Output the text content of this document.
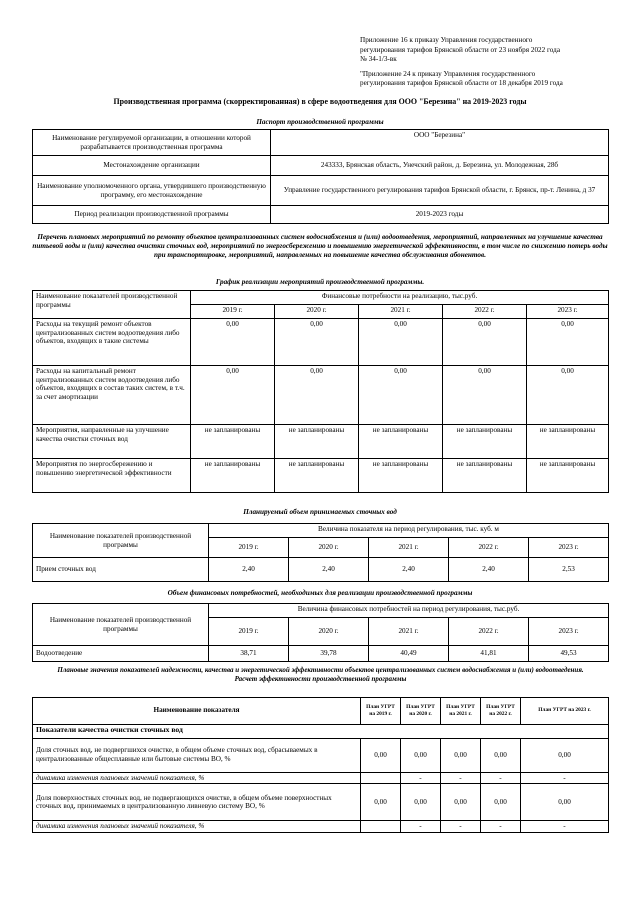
Приложение 16 к приказу Управления государственного

регулирования тарифов Брянской области от 23 ноября 2022 года

№ 34-1/3-вк

"Приложение 24 к приказу Управления государственного

регулирования тарифов Брянской области от 18 декабря 2019 года

Производственная программа (скорректированная) в сфере водоотведения для ООО "Березина" на 2019-2023 годы
Паспорт производственной программы
Наименование регулируемой организации, в отношении которой разрабатывается производственная программа	ООО "Березина"
Местонахождение организации	243333, Брянская область, Унечский район, д. Березина, ул. Молодежная, 28б
Наименование уполномоченного органа, утвердившего производственную программу, его местонахождение	Управление государственного регулирования тарифов Брянской области, г. Брянск, пр-т. Ленина, д 37
Период реализации производственной программы	2019-2023 годы
Перечень плановых мероприятий по ремонту объектов централизованных систем водоснабжения и (или) водоотведения, мероприятий, направленных на улучшение качества питьевой воды и (или) качества очистки сточных вод, мероприятий по энергосбережению и повышению энергетической эффективности, в том числе по снижению потерь воды при транспортировке, мероприятий, направленных на повышение качества обслуживания абонентов.
График реализации мероприятий производственной программы.
Наименование показателей производственной программы	Финансовые потребности на реализацию, тыс.руб.				
	2019 г.	2020 г.	2021 г.	2022 г.	2023 г.
Расходы на текущий ремонт объектов централизованных систем водоотведения либо объектов, входящих в такие системы	0,00	0,00	0,00	0,00	0,00
Расходы на капитальный ремонт централизованных систем водоотведения либо объектов, входящих в состав таких систем, в т.ч. за счет амортизации	0,00	0,00	0,00	0,00	0,00
Мероприятия, направленные на улучшение качества очистки сточных вод	не запланированы	не запланированы	не запланированы	не запланированы	не запланированы
Мероприятия по энергосбережению и повышению энергетической эффективности	не запланированы	не запланированы	не запланированы	не запланированы	не запланированы
Планируемый объем принимаемых сточных вод
Наименование показателей производственной программы	Величина показателя на период регулирования, тыс. куб. м				
	2019 г.	2020 г.	2021 г.	2022 г.	2023 г.
Прием сточных вод	2,40	2,40	2,40	2,40	2,53
Объем финансовых потребностей, необходимых для реализации производственной программы
Наименование показателей производственной программы	Величина финансовых потребностей на период регулирования, тыс.руб.				
	2019 г.	2020 г.	2021 г.	2022 г.	2023 г.
Водоотведение	38,71	39,78	40,49	41,81	49,53
Плановые значения показателей надежности, качества и энергетической эффективности объектов централизованных систем водоснабжения и (или) водоотведения.
Расчет эффективности производственной программы					

Наименование показателя	План УГРТ на 2019 г.	План УГРТ на 2020 г.	План УГРТ на 2021 г.	План УГРТ на 2022 г.	План УГРТ на 2023 г.
Показатели качества очистки сточных вод					
Доля сточных вод, не подвергшихся очистке, в общем объеме сточных вод, сбрасываемых в централизованные общесплавные или бытовые системы ВО, %	0,00	0,00	0,00	0,00	0,00
динамика изменения плановых значений показателя, %		-	-	-	-
Доля поверхностных сточных вод, не подвергающихся очистке, в общем объеме поверхностных сточных вод, принимаемых в централизованную ливневую систему ВО, %	0,00	0,00	0,00	0,00	0,00
динамика изменения плановых значений показателя, %		-	-	-	-
